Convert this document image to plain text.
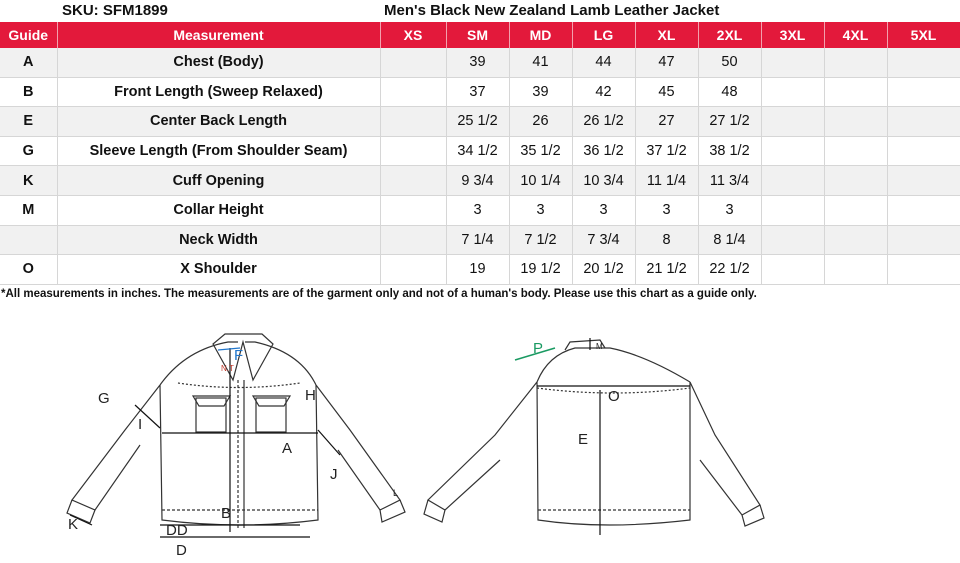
SKU: SFM1899	Men's Black New Zealand Lamb Leather Jacket
Guide	Measurement	XS	SM	MD	LG	XL	2XL	3XL	4XL	5XL
A	Chest (Body)		39	41	44	47	50			
B	Front Length (Sweep Relaxed)		37	39	42	45	48			
E	Center Back Length		25 1/2	26	26 1/2	27	27 1/2			
G	Sleeve Length (From Shoulder Seam)		34 1/2	35 1/2	36 1/2	37 1/2	38 1/2			
K	Cuff Opening		9 3/4	10 1/4	10 3/4	11 1/4	11 3/4			
M	Collar Height		3	3	3	3	3			
	Neck Width		7 1/4	7 1/2	7 3/4	8	8 1/4			
O	X Shoulder		19	19 1/2	20 1/2	21 1/2	22 1/2			
*All measurements in inches. The measurements are of the garment only and not of a human's body. Please use this chart as a guide only.
G	H
I
A
J
K
B
DD
D
F
N.T
L
P	M
O
E
